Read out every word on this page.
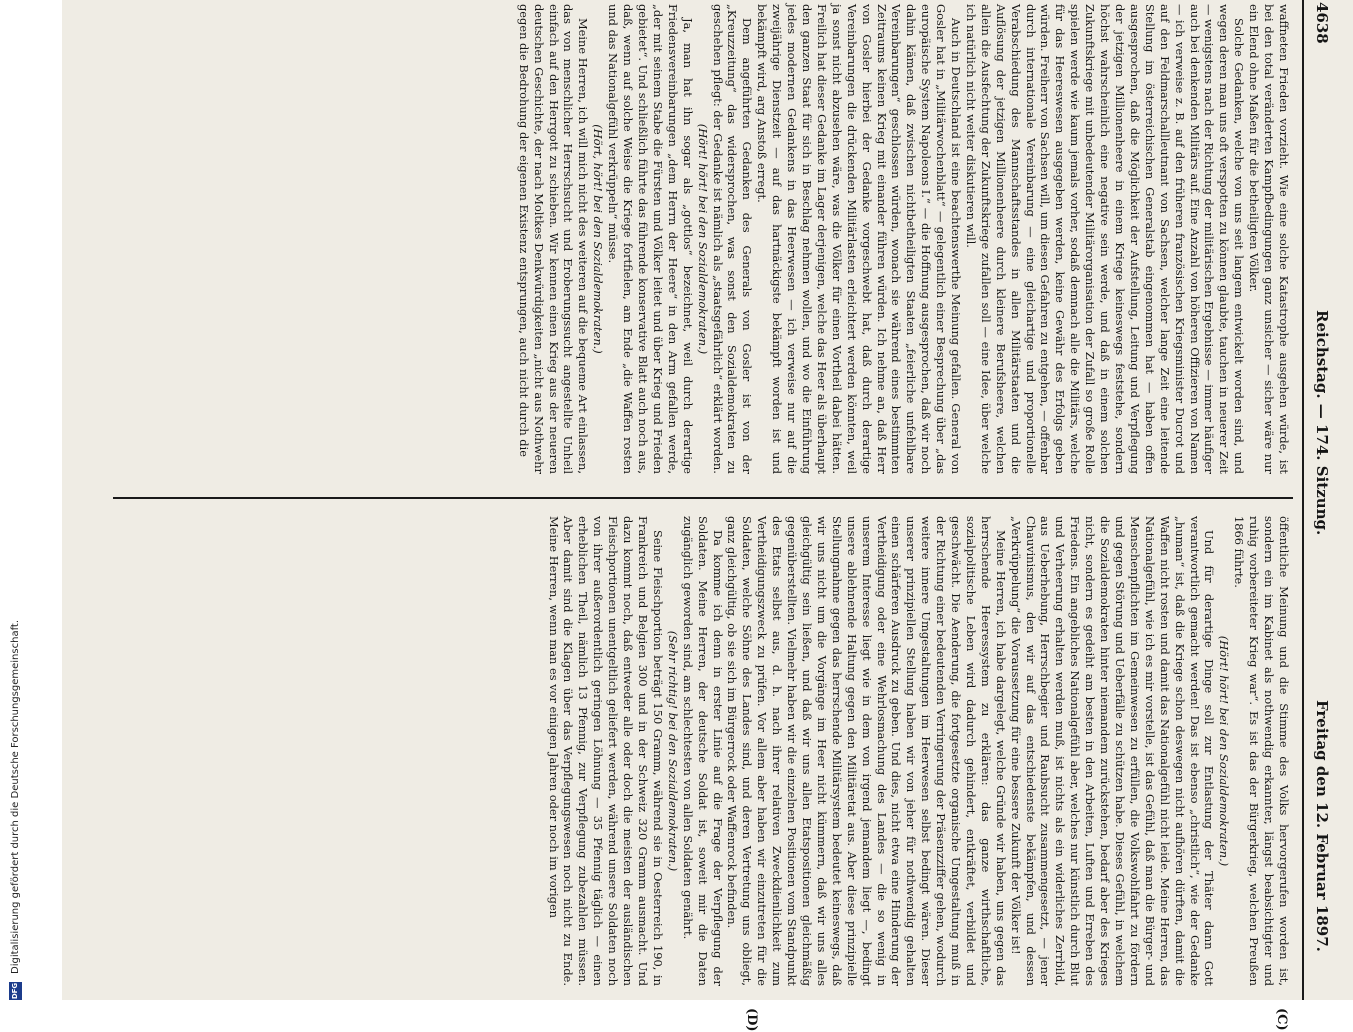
4638
Reichstag. — 174. Sitzung.
Freitag den 12. Februar 1897.
(C)
(D)

waffneten Frieden vorzieht. Wie eine solche Katastrophe ausgehen würde, ist bei den total veränderten Kampfbedingungen ganz unsicher — sicher wäre nur ein Elend ohne Maßen für die betheiligten Völker.

Solche Gedanken, welche von uns seit langem entwickelt worden sind, und wegen deren man uns oft verspotten zu können glaubte, tauchen in neuerer Zeit — wenigstens nach der Richtung der militärischen Ergebnisse — immer häufiger auch bei denkenden Militärs auf. Eine Anzahl von höheren Offizieren von Namen — ich verweise z. B. auf den früheren französischen Kriegsminister Ducrot und auf den Feldmarschallleutnant von Sachsen, welcher lange Zeit eine leitende Stellung im österreichischen Generalstab eingenommen hat — haben offen ausgesprochen, daß die Möglichkeit der Aufstellung, Leitung und Verpflegung der jetzigen Millionenheere in einem Kriege keineswegs feststehe, sondern höchst wahrscheinlich eine negative sein werde, und daß in einem solchen Zukunftskriege mit unbedeutender Militärorganisation der Zufall so große Rolle spielen werde wie kaum jemals vorher, sodaß demnach alle die Militärs, welche für das Heereswesen ausgegeben werden, keine Gewähr des Erfolgs geben würden. Freiherr von Sachsen will, um diesen Gefahren zu entgehen, — offenbar durch internationale Vereinbarung — eine gleichartige und proportionelle Verabschiedung des Mannschaftsstandes in allen Militärstaaten und die Auflösung der jetzigen Millionenheere durch kleinere Berufsheere, welchen allein die Ausfechtung der Zukunftskriege zufallen soll — eine Idee, über welche ich natürlich nicht weiter diskutieren will.

Auch in Deutschland ist eine beachtenswerthe Meinung gefallen. General von Gosler hat in „Militärwochenblatt“ — gelegentlich einer Besprechung über „das europäische System Napoleons I.“ — die Hoffnung ausgesprochen, daß wir noch dahin kämen, daß zwischen nichtbetheiligten Staaten „feierliche unfehlbare Vereinbarungen“ geschlossen würden, wonach sie während eines bestimmten Zeitraums keinen Krieg mit einander führen würden. Ich nehme an, daß Herr von Gosler hierbei der Gedanke vorgeschwebt hat, daß durch derartige Vereinbarungen die drückenden Militärlasten erleichtert werden könnten, weil ja sonst nicht abzusehen wäre, was die Völker für einen Vortheil dabei hätten. Freilich hat dieser Gedanke im Lager derjenigen, welche das Heer als überhaupt den ganzen Staat für sich in Beschlag nehmen wollen, und wo die Einführung jedes modernen Gedankens in das Heerwesen — ich verweise nur auf die zweijährige Dienstzeit — auf das hartnäckigste bekämpft worden ist und bekämpft wird, arg Anstoß erregt.

Dem angeführten Gedanken des Generals von Gosler ist von der „Kreuzzeitung“ das widersprochen, was sonst den Sozialdemokraten zu geschehen pflegt: der Gedanke ist nämlich als „staatsgefährlich“ erklärt worden.

(Hört! hört! bei den Sozialdemokraten.)

Ja, man hat ihn sogar als „gottlos“ bezeichnet, weil durch derartige Friedensvereinbarungen „dem Herrn der Heere“ in den Arm gefallen werde, „der mit seinem Stabe die Fürsten und Völker leitet und über Krieg und Frieden gebietet“. Und schließlich führte das führende konservative Blatt auch noch aus, daß, wenn auf solche Weise die Kriege fortfielen, am Ende „die Waffen rosten und das Nationalgefühl verkrüppeln“ müsse.

(Hört, hört! bei den Sozialdemokraten.)

Meine Herren, ich will mich nicht des weiteren auf die bequeme Art einlassen, das von menschlicher Herrschsucht und Eroberungssucht angestellte Unheil einfach auf den Herrgott zu schieben. Wir kennen einen Krieg aus der neueren deutschen Geschichte, der nach Moltkes Denkwürdigkeiten „nicht aus Nothwehr gegen die Bedrohung der eigenen Existenz entsprungen, auch nicht durch die

öffentliche Meinung und die Stimme des Volks hervorgerufen worden ist, sondern ein im Kabinet als nothwendig erkannter, längst beabsichtigter und ruhig vorbereiteter Krieg war“. Es ist das der Bürgerkrieg, welchen Preußen 1866 führte.

(Hört! hört! bei den Sozialdemokraten.)

Und für derartige Dinge soll zur Entlastung der Thäter dann Gott verantwortlich gemacht werden! Das ist ebenso „christlich“, wie der Gedanke „human“ ist, daß die Kriege schon deswegen nicht aufhören dürften, damit die Waffen nicht rosten und damit das Nationalgefühl nicht leide. Meine Herren, das Nationalgefühl, wie ich es mir vorstelle, ist das Gefühl, daß man die Bürger- und Menschenpflichten im Gemeinwesen zu erfüllen, die Volkswohlfahrt zu fördern und gegen Störung und Ueberfälle zu schützen habe. Dieses Gefühl, in welchem die Sozialdemokraten hinter niemandem zurückstehen, bedarf aber des Krieges nicht, sondern es gedeiht am besten in den Arbeiten, Luften und Erreben des Friedens. Ein angebliches Nationalgefühl aber, welches nur künstlich durch Blut und Verheerung erhalten werden muß, ist nichts als ein widerliches Zerrbild, aus Ueberhebung, Herrschbegier und Raubsucht zusammengesetzt, — jener Chauvinismus, den wir auf das entschiedenste bekämpfen, und dessen „Verkrüppelung“ die Voraussetzung für eine bessere Zukunft der Völker ist!

Meine Herren, ich habe dargelegt, welche Gründe wir haben, uns gegen das herrschende Heeressystem zu erklären: das ganze wirthschaftliche, sozialpolitische Leben wird dadurch gehindert, entkräftet, verbildet und geschwächt. Die Aenderung, die fortgesetzte organische Umgestaltung muß in der Richtung einer bedeutenden Verringerung der Präsenzziffer gehen, wodurch weitere innere Umgestaltungen im Heerwesen selbst bedingt wären. Dieser unserer prinzipiellen Stellung haben wir von jeher für nothwendig gehalten einen schärferen Ausdruck zu geben. Und dies, nicht etwa eine Hinderung der Vertheidigung oder eine Wehrlosmachung des Landes — die so wenig in unserem Interesse liegt wie in dem von irgend jemandem liegt —, bedingt unsere ablehnende Haltung gegen den Militäretat aus. Aber diese prinzipielle Stellungnahme gegen das herrschende Militärsystem bedeutet keineswegs, daß wir uns nicht um die Vorgänge im Heer nicht kümmern, daß wir uns alles gleichgültig sein ließen, und daß wir uns allen Etatspositionen gleichmäßig gegenüberstellten. Vielmehr haben wir die einzelnen Positionen vom Standpunkt des Etats selbst aus, d. h. nach ihrer relativen Zweckdienlichkeit zum Vertheidigungszweck zu prüfen. Vor allem aber haben wir einzutreten für die Soldaten, welche Söhne des Landes sind, und deren Vertretung uns obliegt, ganz gleichgültig, ob sie sich im Bürgerrock oder Waffenrock befinden.

Da komme ich denn in erster Linie auf die Frage der Verpflegung der Soldaten. Meine Herren, der deutsche Soldat ist, soweit mir die Daten zugänglich geworden sind, am schlechtesten von allen Soldaten genährt.

(Sehr richtig! bei den Sozialdemokraten.)

Seine Fleischportion beträgt 150 Gramm, während sie in Oesterreich 190, in Frankreich und Belgien 300 und in der Schweiz 320 Gramm ausmacht. Und dazu kommt noch, daß entweder alle oder doch die meisten der ausländischen Fleischportionen unentgeltlich geliefert werden, während unsere Soldaten noch von ihrer außerordentlich geringen Löhnung — 35 Pfennig täglich — einen erheblichen Theil, nämlich 13 Pfennig, zur Verpflegung zubezahlen müssen. Aber damit sind die Klagen über das Verpflegungswesen noch nicht zu Ende. Meine Herren, wenn man es vor einigen Jahren oder noch im vorigen

DFG
Digitalisierung gefördert durch die Deutsche Forschungsgemeinschaft.
